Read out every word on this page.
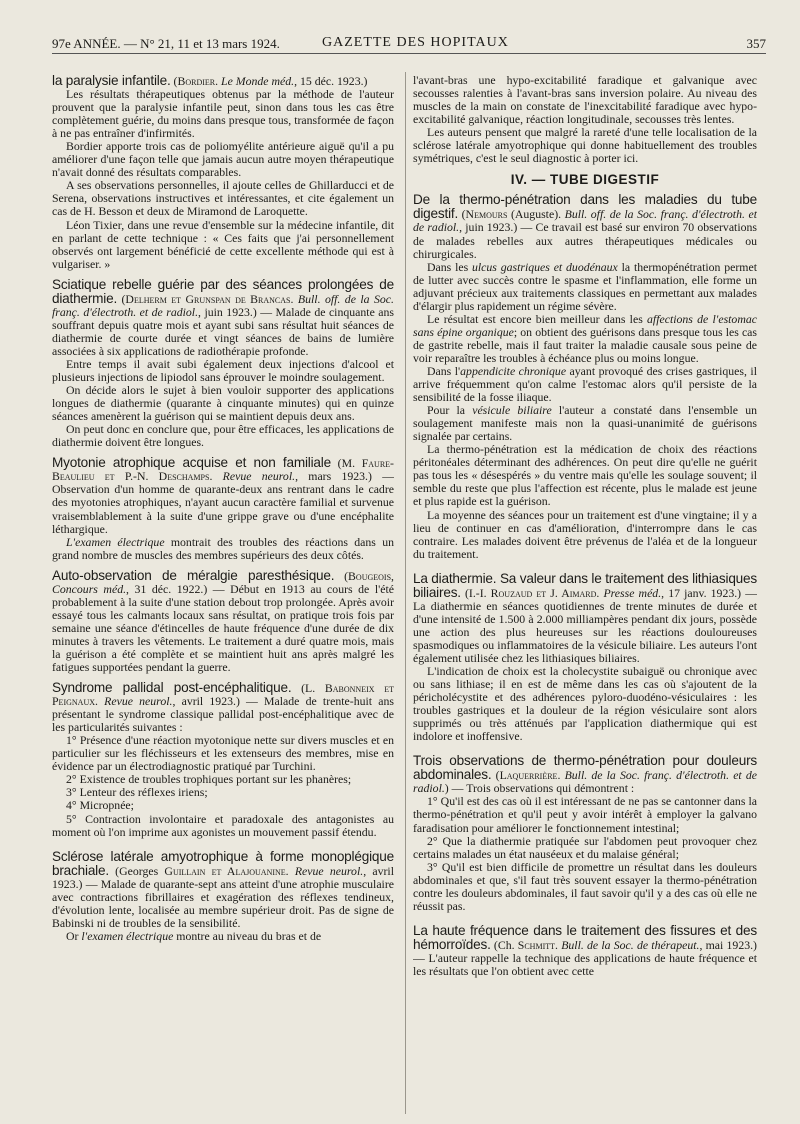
97e ANNÉE. — N° 21, 11 et 13 mars 1924.	GAZETTE DES HOPITAUX	357

la paralysie infantile. (Bordier. Le Monde méd., 15 déc. 1923.)

Les résultats thérapeutiques obtenus par la méthode de l'auteur prouvent que la paralysie infantile peut, sinon dans tous les cas être complètement guérie, du moins dans presque tous, transformée de façon à ne pas entraîner d'infirmités.

Bordier apporte trois cas de poliomyélite antérieure aiguë qu'il a pu améliorer d'une façon telle que jamais aucun autre moyen thérapeutique n'avait donné des résultats comparables.

A ses observations personnelles, il ajoute celles de Ghillarducci et de Serena, observations instructives et intéressantes, et cite également un cas de H. Besson et deux de Miramond de Laroquette.

Léon Tixier, dans une revue d'ensemble sur la médecine infantile, dit en parlant de cette technique : « Ces faits que j'ai personnellement observés ont largement bénéficié de cette excellente méthode qui est à vulgariser. »

Sciatique rebelle guérie par des séances prolongées de diathermie. (Delherm et Grunspan de Brancas. Bull. off. de la Soc. franç. d'électroth. et de radiol., juin 1923.) — Malade de cinquante ans souffrant depuis quatre mois et ayant subi sans résultat huit séances de diathermie de courte durée et vingt séances de bains de lumière associées à six applications de radiothérapie profonde.

Entre temps il avait subi également deux injections d'alcool et plusieurs injections de lipiodol sans éprouver le moindre soulagement.

On décide alors le sujet à bien vouloir supporter des applications longues de diathermie (quarante à cinquante minutes) qui en quinze séances amenèrent la guérison qui se maintient depuis deux ans.

On peut donc en conclure que, pour être efficaces, les applications de diathermie doivent être longues.

Myotonie atrophique acquise et non familiale (M. Faure-Beaulieu et P.-N. Deschamps. Revue neurol., mars 1923.) — Observation d'un homme de quarante-deux ans rentrant dans le cadre des myotonies atrophiques, n'ayant aucun caractère familial et survenue vraisemblablement à la suite d'une grippe grave ou d'une encéphalite léthargique.

L'examen électrique montrait des troubles des réactions dans un grand nombre de muscles des membres supérieurs des deux côtés.

Auto-observation de méralgie paresthésique. (Bougeois, Concours méd., 31 déc. 1922.) — Début en 1913 au cours de l'été probablement à la suite d'une station debout trop prolongée. Après avoir essayé tous les calmants locaux sans résultat, on pratique trois fois par semaine une séance d'étincelles de haute fréquence d'une durée de dix minutes à travers les vêtements. Le traitement a duré quatre mois, mais la guérison a été complète et se maintient huit ans après malgré les fatigues supportées pendant la guerre.

Syndrome pallidal post-encéphalitique. (L. Babonneix et Peignaux. Revue neurol., avril 1923.) — Malade de trente-huit ans présentant le syndrome classique pallidal post-encéphalitique avec de les particularités suivantes :

1° Présence d'une réaction myotonique nette sur divers muscles et en particulier sur les fléchisseurs et les extenseurs des membres, mise en évidence par un électrodiagnostic pratiqué par Turchini.

2° Existence de troubles trophiques portant sur les phanères;

3° Lenteur des réflexes iriens;

4° Micropnée;

5° Contraction involontaire et paradoxale des antagonistes au moment où l'on imprime aux agonistes un mouvement passif étendu.

Sclérose latérale amyotrophique à forme monoplégique brachiale. (Georges Guillain et Alajouanine. Revue neurol., avril 1923.) — Malade de quarante-sept ans atteint d'une atrophie musculaire avec contractions fibrillaires et exagération des réflexes tendineux, d'évolution lente, localisée au membre supérieur droit. Pas de signe de Babinski ni de troubles de la sensibilité.

Or l'examen électrique montre au niveau du bras et de

l'avant-bras une hypo-excitabilité faradique et galvanique avec secousses ralenties à l'avant-bras sans inversion polaire. Au niveau des muscles de la main on constate de l'inexcitabilité faradique avec hypo-excitabilité galvanique, réaction longitudinale, secousses très lentes.

Les auteurs pensent que malgré la rareté d'une telle localisation de la sclérose latérale amyotrophique qui donne habituellement des troubles symétriques, c'est le seul diagnostic à porter ici.

IV. — TUBE DIGESTIF

De la thermo-pénétration dans les maladies du tube digestif. (Nemours (Auguste). Bull. off. de la Soc. franç. d'électroth. et de radiol., juin 1923.) — Ce travail est basé sur environ 70 observations de malades rebelles aux autres thérapeutiques médicales ou chirurgicales.

Dans les ulcus gastriques et duodénaux la thermopénétration permet de lutter avec succès contre le spasme et l'inflammation, elle forme un adjuvant précieux aux traitements classiques en permettant aux malades d'élargir plus rapidement un régime sévère.

Le résultat est encore bien meilleur dans les affections de l'estomac sans épine organique; on obtient des guérisons dans presque tous les cas de gastrite rebelle, mais il faut traiter la maladie causale sous peine de voir reparaître les troubles à échéance plus ou moins longue.

Dans l'appendicite chronique ayant provoqué des crises gastriques, il arrive fréquemment qu'on calme l'estomac alors qu'il persiste de la sensibilité de la fosse iliaque.

Pour la vésicule biliaire l'auteur a constaté dans l'ensemble un soulagement manifeste mais non la quasi-unanimité de guérisons signalée par certains.

La thermo-pénétration est la médication de choix des réactions péritonéales déterminant des adhérences. On peut dire qu'elle ne guérit pas tous les « désespérés » du ventre mais qu'elle les soulage souvent; il semble du reste que plus l'affection est récente, plus le malade est jeune et plus rapide est la guérison.

La moyenne des séances pour un traitement est d'une vingtaine; il y a lieu de continuer en cas d'amélioration, d'interrompre dans le cas contraire. Les malades doivent être prévenus de l'aléa et de la longueur du traitement.

La diathermie. Sa valeur dans le traitement des lithiasiques biliaires. (I.-I. Rouzaud et J. Aimard. Presse méd., 17 janv. 1923.) — La diathermie en séances quotidiennes de trente minutes de durée et d'une intensité de 1.500 à 2.000 milliampères pendant dix jours, possède une action des plus heureuses sur les réactions douloureuses spasmodiques ou inflammatoires de la vésicule biliaire. Les auteurs l'ont également utilisée chez les lithiasiques biliaires.

L'indication de choix est la cholecystite subaiguë ou chronique avec ou sans lithiase; il en est de même dans les cas où s'ajoutent de la péricholécystite et des adhérences pyloro-duodéno-vésiculaires : les troubles gastriques et la douleur de la région vésiculaire sont alors supprimés ou très atténués par l'application diathermique qui est indolore et inoffensive.

Trois observations de thermo-pénétration pour douleurs abdominales. (Laquerrière. Bull. de la Soc. franç. d'électroth. et de radiol.) — Trois observations qui démontrent :

1° Qu'il est des cas où il est intéressant de ne pas se cantonner dans la thermo-pénétration et qu'il peut y avoir intérêt à employer la galvano faradisation pour améliorer le fonctionnement intestinal;

2° Que la diathermie pratiquée sur l'abdomen peut provoquer chez certains malades un état nauséeux et du malaise général;

3° Qu'il est bien difficile de promettre un résultat dans les douleurs abdominales et que, s'il faut très souvent essayer la thermo-pénétration contre les douleurs abdominales, il faut savoir qu'il y a des cas où elle ne réussit pas.

La haute fréquence dans le traitement des fissures et des hémorroïdes. (Ch. Schmitt. Bull. de la Soc. de thérapeut., mai 1923.) — L'auteur rappelle la technique des applications de haute fréquence et les résultats que l'on obtient avec cette
